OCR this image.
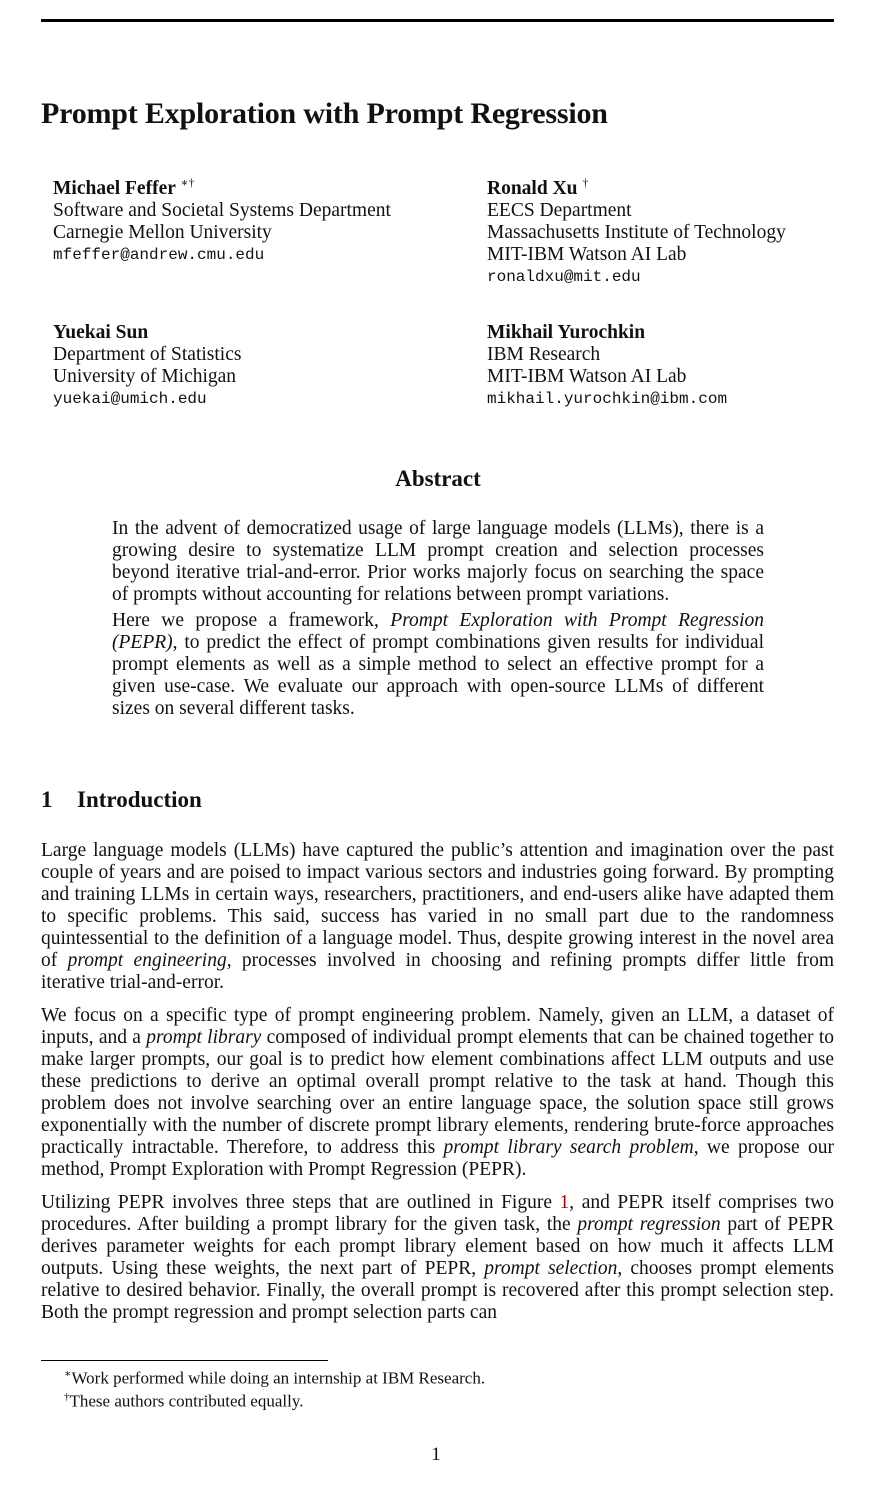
Prompt Exploration with Prompt Regression
Michael Feffer ∗†
Software and Societal Systems Department
Carnegie Mellon University
mfeffer@andrew.cmu.edu
Ronald Xu †
EECS Department
Massachusetts Institute of Technology
MIT-IBM Watson AI Lab
ronaldxu@mit.edu
Yuekai Sun
Department of Statistics
University of Michigan
yuekai@umich.edu
Mikhail Yurochkin
IBM Research
MIT-IBM Watson AI Lab
mikhail.yurochkin@ibm.com
Abstract

In the advent of democratized usage of large language models (LLMs), there is a growing desire to systematize LLM prompt creation and selection processes beyond iterative trial-and-error. Prior works majorly focus on searching the space of prompts without accounting for relations between prompt variations.

Here we propose a framework, Prompt Exploration with Prompt Regression (PEPR), to predict the effect of prompt combinations given results for individual prompt elements as well as a simple method to select an effective prompt for a given use-case. We evaluate our approach with open-source LLMs of different sizes on several different tasks.

1 Introduction

Large language models (LLMs) have captured the public’s attention and imagination over the past couple of years and are poised to impact various sectors and industries going forward. By prompting and training LLMs in certain ways, researchers, practitioners, and end-users alike have adapted them to specific problems. This said, success has varied in no small part due to the randomness quintessential to the definition of a language model. Thus, despite growing interest in the novel area of prompt engineering, processes involved in choosing and refining prompts differ little from iterative trial-and-error.

We focus on a specific type of prompt engineering problem. Namely, given an LLM, a dataset of inputs, and a prompt library composed of individual prompt elements that can be chained together to make larger prompts, our goal is to predict how element combinations affect LLM outputs and use these predictions to derive an optimal overall prompt relative to the task at hand. Though this problem does not involve searching over an entire language space, the solution space still grows exponentially with the number of discrete prompt library elements, rendering brute-force approaches practically intractable. Therefore, to address this prompt library search problem, we propose our method, Prompt Exploration with Prompt Regression (PEPR).

Utilizing PEPR involves three steps that are outlined in Figure 1, and PEPR itself comprises two procedures. After building a prompt library for the given task, the prompt regression part of PEPR derives parameter weights for each prompt library element based on how much it affects LLM outputs. Using these weights, the next part of PEPR, prompt selection, chooses prompt elements relative to desired behavior. Finally, the overall prompt is recovered after this prompt selection step. Both the prompt regression and prompt selection parts can

∗Work performed while doing an internship at IBM Research.
†These authors contributed equally.
1
